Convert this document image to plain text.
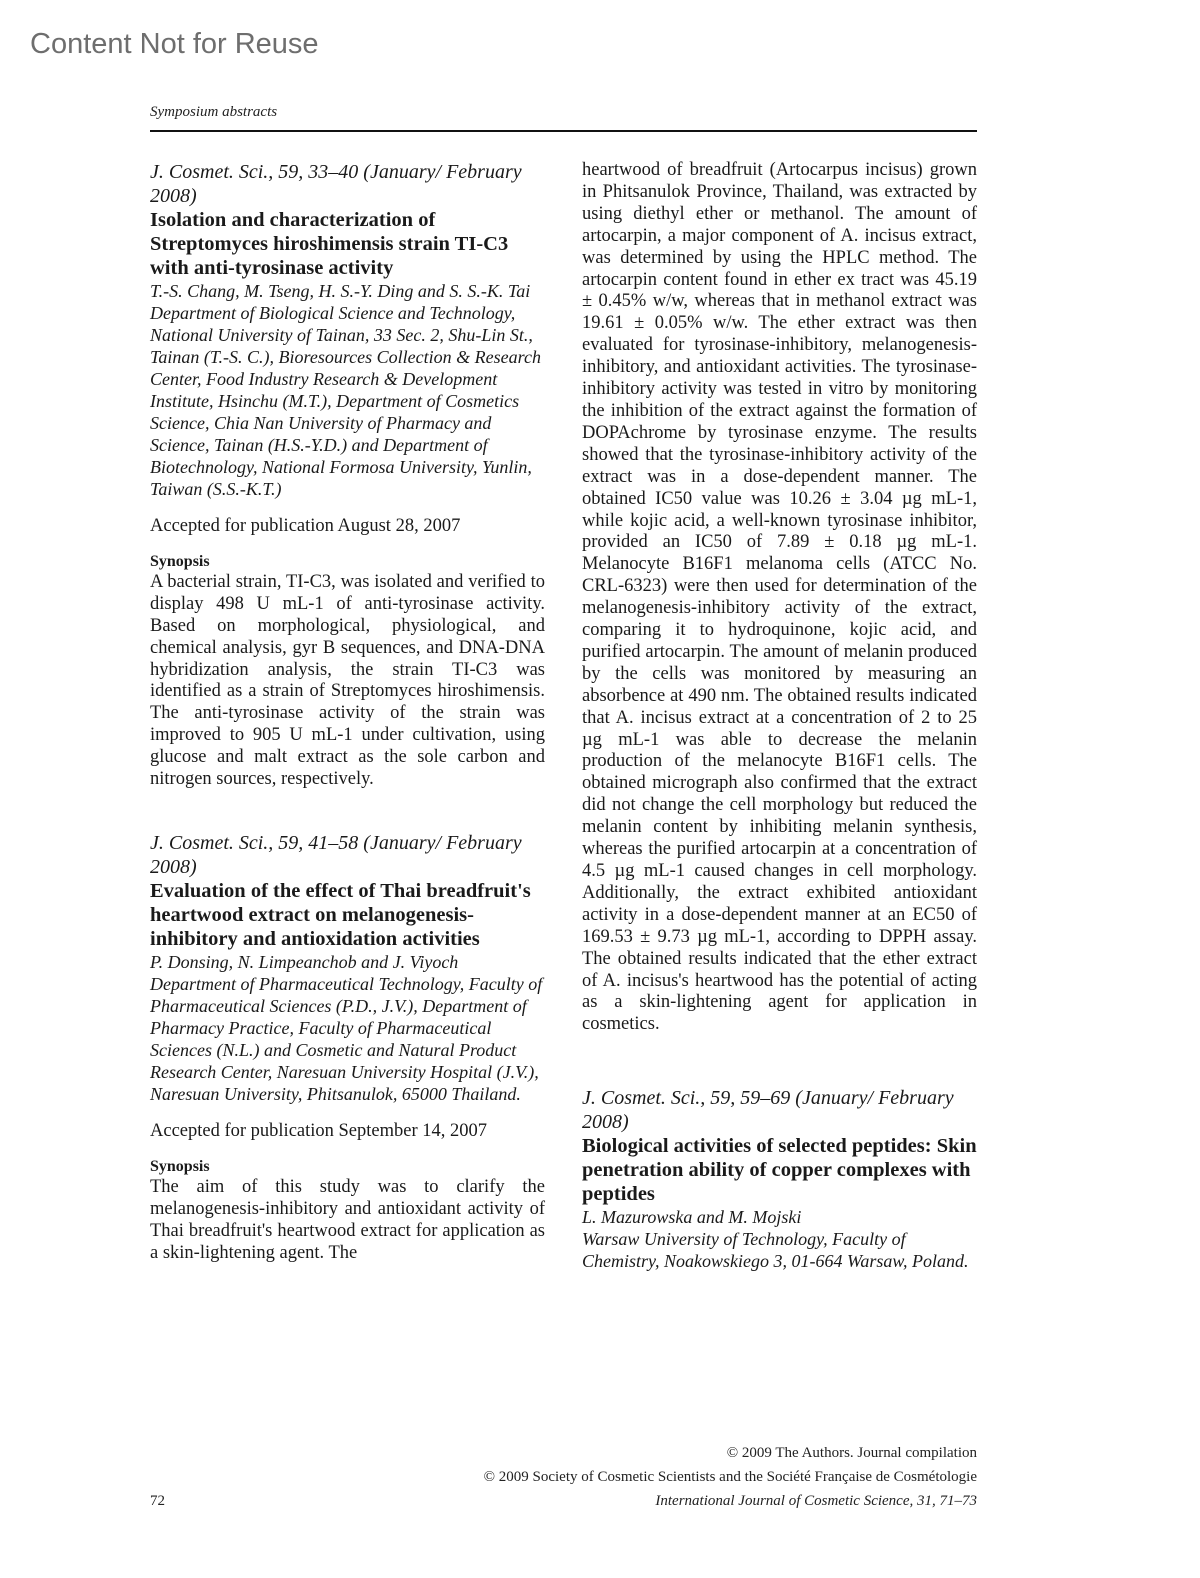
Content Not for Reuse
Symposium abstracts
J. Cosmet. Sci., 59, 33–40 (January/ February 2008)
Isolation and characterization of Streptomyces hiroshimensis strain TI-C3 with anti-tyrosinase activity
T.-S. Chang, M. Tseng, H. S.-Y. Ding and S. S.-K. Tai
Department of Biological Science and Technology, National University of Tainan, 33 Sec. 2, Shu-Lin St., Tainan (T.-S. C.), Bioresources Collection & Research Center, Food Industry Research & Development Institute, Hsinchu (M.T.), Department of Cosmetics Science, Chia Nan University of Pharmacy and Science, Tainan (H.S.-Y.D.) and Department of Biotechnology, National Formosa University, Yunlin, Taiwan (S.S.-K.T.)
Accepted for publication August 28, 2007
Synopsis
A bacterial strain, TI-C3, was isolated and verified to display 498 U mL-1 of anti-tyrosinase activity. Based on morphological, physiological, and chemical analysis, gyr B sequences, and DNA-DNA hybridization analysis, the strain TI-C3 was identified as a strain of Streptomyces hiroshimensis. The anti-tyrosinase activity of the strain was improved to 905 U mL-1 under cultivation, using glucose and malt extract as the sole carbon and nitrogen sources, respectively.
J. Cosmet. Sci., 59, 41–58 (January/ February 2008)
Evaluation of the effect of Thai breadfruit's heartwood extract on melanogenesis-inhibitory and antioxidation activities
P. Donsing, N. Limpeanchob and J. Viyoch
Department of Pharmaceutical Technology, Faculty of Pharmaceutical Sciences (P.D., J.V.), Department of Pharmacy Practice, Faculty of Pharmaceutical Sciences (N.L.) and Cosmetic and Natural Product Research Center, Naresuan University Hospital (J.V.), Naresuan University, Phitsanulok, 65000 Thailand.
Accepted for publication September 14, 2007
Synopsis
The aim of this study was to clarify the melanogenesis-inhibitory and antioxidant activity of Thai breadfruit's heartwood extract for application as a skin-lightening agent. The
heartwood of breadfruit (Artocarpus incisus) grown in Phitsanulok Province, Thailand, was extracted by using diethyl ether or methanol. The amount of artocarpin, a major component of A. incisus extract, was determined by using the HPLC method. The artocarpin content found in ether ex tract was 45.19 ± 0.45% w/w, whereas that in methanol extract was 19.61 ± 0.05% w/w. The ether extract was then evaluated for tyrosinase-inhibitory, melanogenesis-inhibitory, and antioxidant activities. The tyrosinase-inhibitory activity was tested in vitro by monitoring the inhibition of the extract against the formation of DOPAchrome by tyrosinase enzyme. The results showed that the tyrosinase-inhibitory activity of the extract was in a dose-dependent manner. The obtained IC50 value was 10.26 ± 3.04 µg mL-1, while kojic acid, a well-known tyrosinase inhibitor, provided an IC50 of 7.89 ± 0.18 µg mL-1. Melanocyte B16F1 melanoma cells (ATCC No. CRL-6323) were then used for determination of the melanogenesis-inhibitory activity of the extract, comparing it to hydroquinone, kojic acid, and purified artocarpin. The amount of melanin produced by the cells was monitored by measuring an absorbence at 490 nm. The obtained results indicated that A. incisus extract at a concentration of 2 to 25 µg mL-1 was able to decrease the melanin production of the melanocyte B16F1 cells. The obtained micrograph also confirmed that the extract did not change the cell morphology but reduced the melanin content by inhibiting melanin synthesis, whereas the purified artocarpin at a concentration of 4.5 µg mL-1 caused changes in cell morphology. Additionally, the extract exhibited antioxidant activity in a dose-dependent manner at an EC50 of 169.53 ± 9.73 µg mL-1, according to DPPH assay. The obtained results indicated that the ether extract of A. incisus's heartwood has the potential of acting as a skin-lightening agent for application in cosmetics.
J. Cosmet. Sci., 59, 59–69 (January/ February 2008)
Biological activities of selected peptides: Skin penetration ability of copper complexes with peptides
L. Mazurowska and M. Mojski
Warsaw University of Technology, Faculty of Chemistry, Noakowskiego 3, 01-664 Warsaw, Poland.
© 2009 The Authors. Journal compilation
© 2009 Society of Cosmetic Scientists and the Société Française de Cosmétologie
International Journal of Cosmetic Science, 31, 71–73
72
